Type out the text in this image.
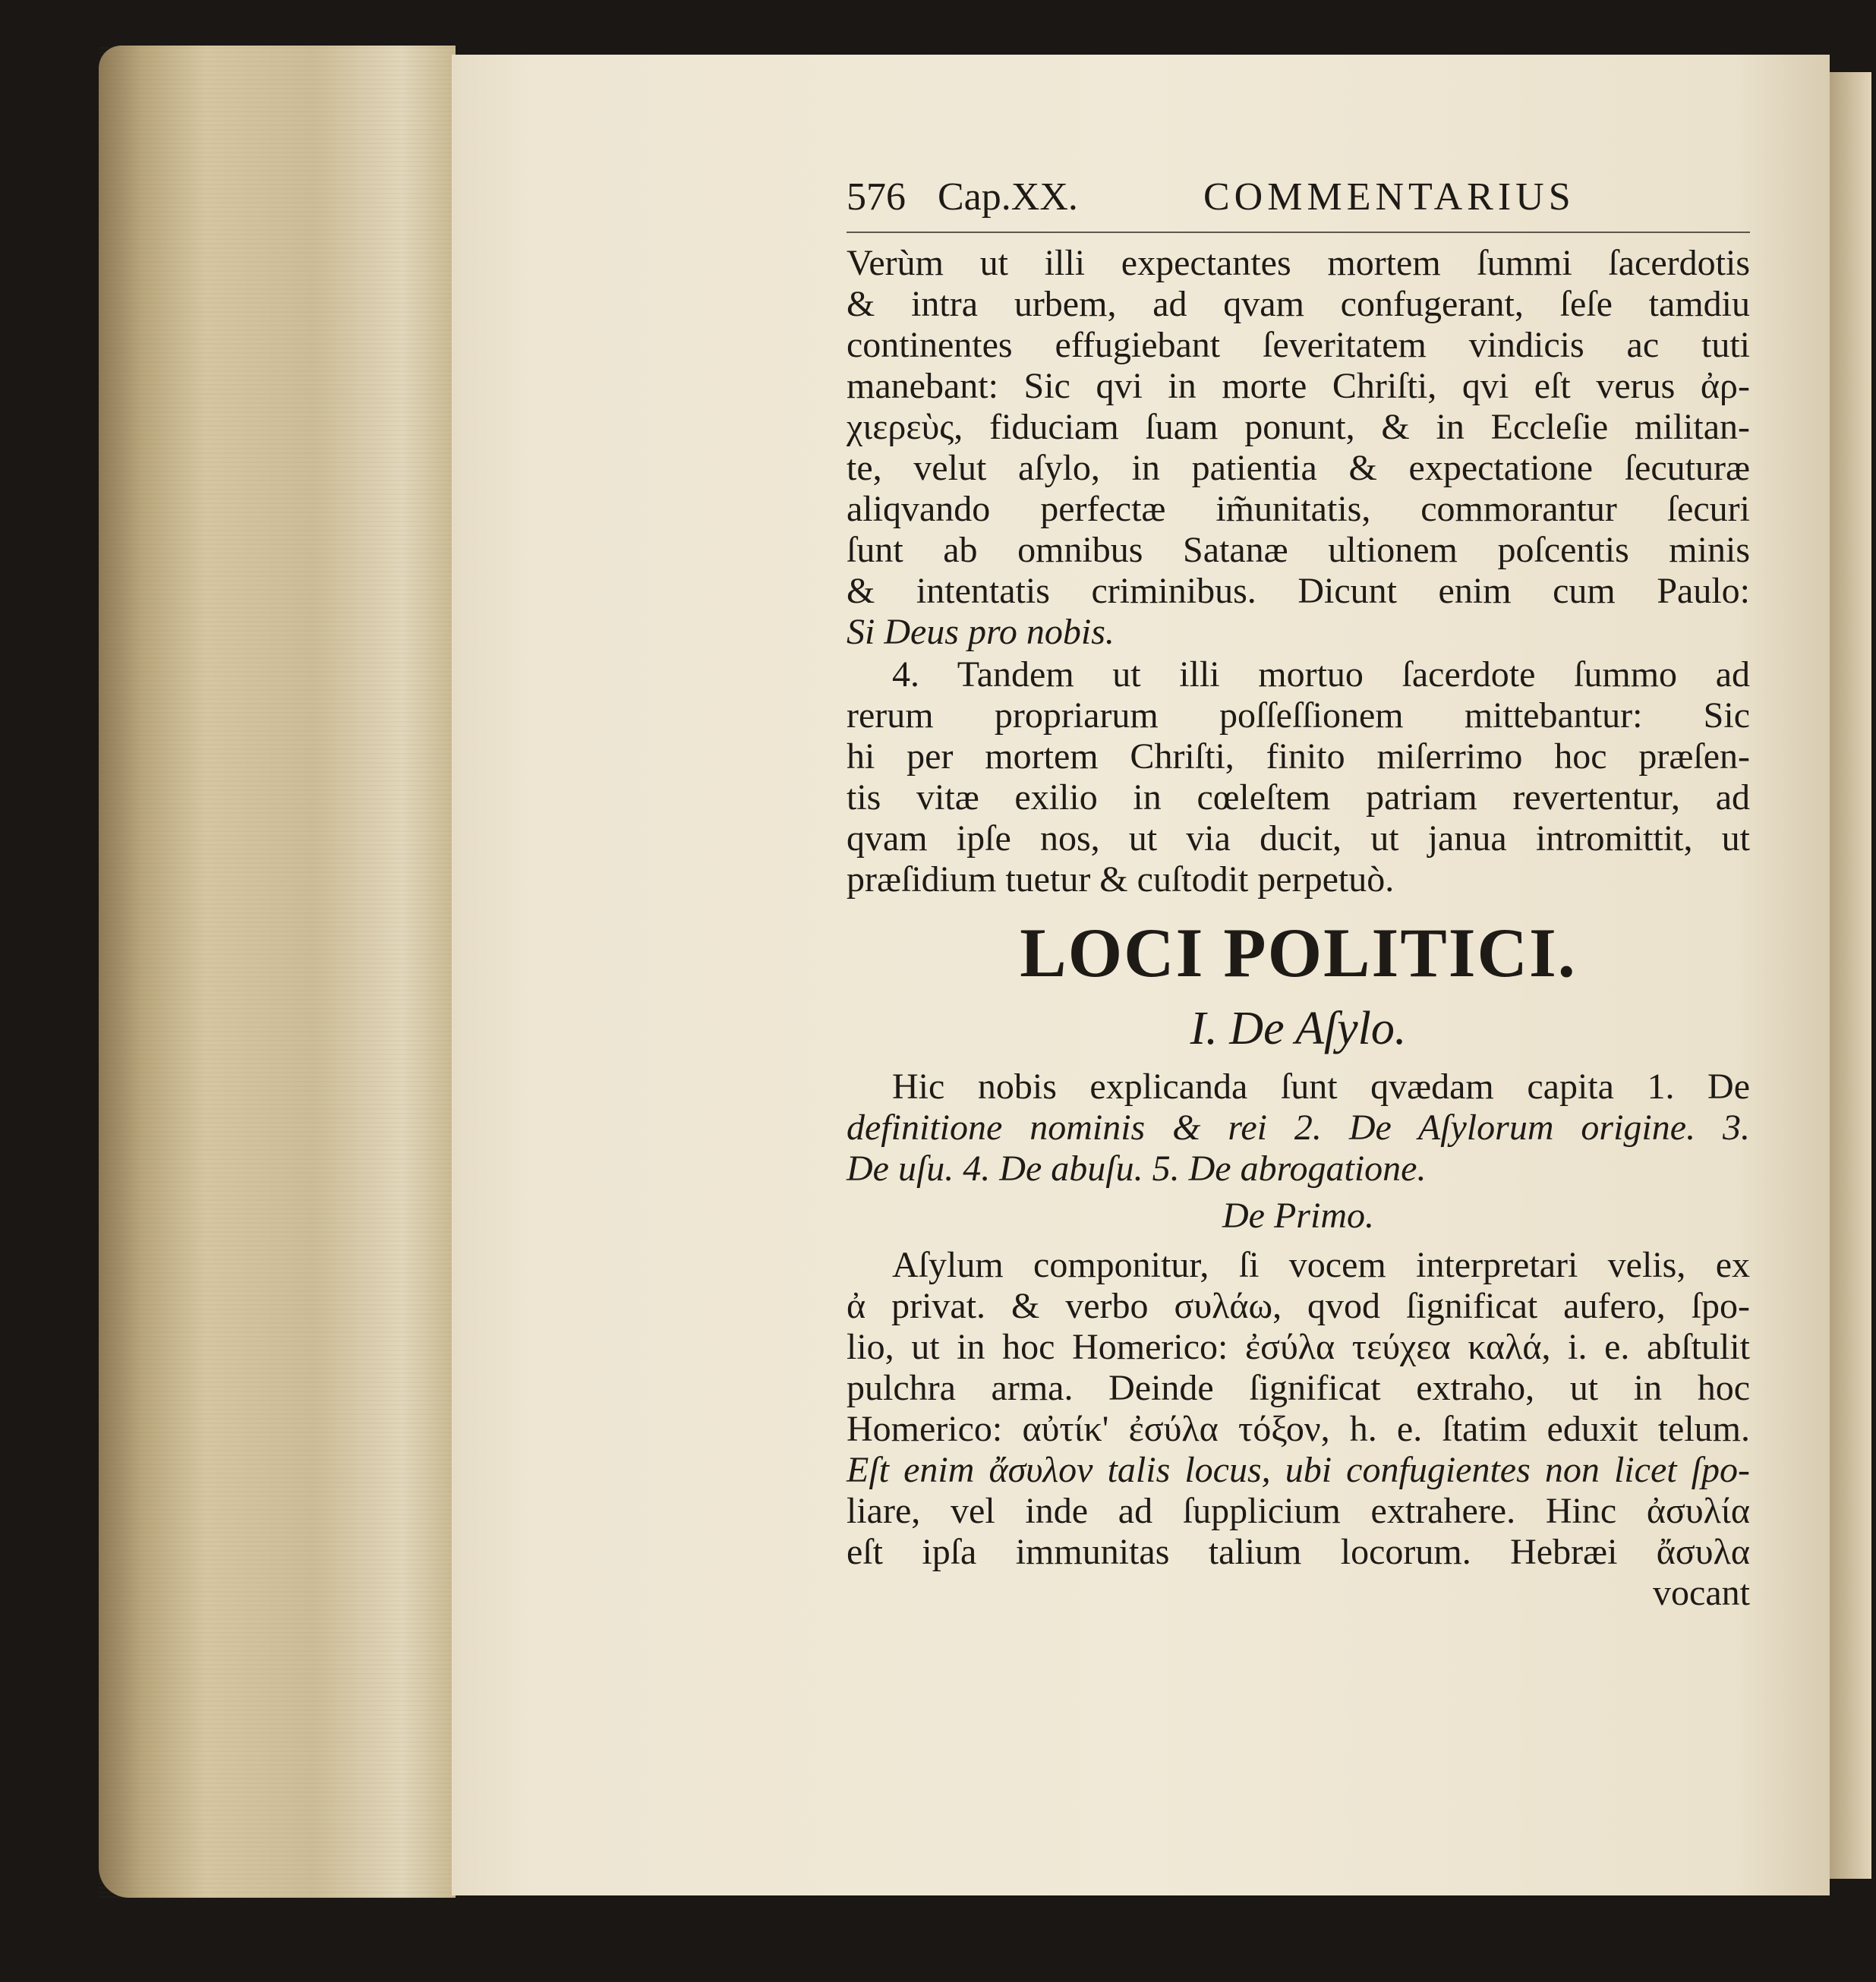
576 Cap.XX.	COMMENTARIUS
Verùm ut illi expectantes mortem ſummi ſacerdotis
& intra urbem, ad qvam confugerant, ſeſe tamdiu
continentes effugiebant ſeveritatem vindicis ac tuti
manebant: Sic qvi in morte Chriſti, qvi eſt verus ἀρ-
χιερεὺς, fiduciam ſuam ponunt, & in Eccleſie militan-
te, velut aſylo, in patientia & expectatione ſecuturæ
aliqvando perfectæ im̃unitatis, commorantur ſecuri
ſunt ab omnibus Satanæ ultionem poſcentis minis
& intentatis criminibus. Dicunt enim cum Paulo:
Si Deus pro nobis.
4. Tandem ut illi mortuo ſacerdote ſummo ad
rerum propriarum poſſeſſionem mittebantur: Sic
hi per mortem Chriſti, finito miſerrimo hoc præſen-
tis vitæ exilio in cœleſtem patriam revertentur, ad
qvam ipſe nos, ut via ducit, ut janua intromittit, ut
præſidium tuetur & cuſtodit perpetuò.
LOCI POLITICI.
I. De Aſylo.
Hic nobis explicanda ſunt qvædam capita 1. De
definitione nominis & rei 2. De Aſylorum origine. 3.
De uſu. 4. De abuſu. 5. De abrogatione.
De Primo.
Aſylum componitur, ſi vocem interpretari velis, ex
ἀ privat. & verbo συλάω, qvod ſignificat aufero, ſpo-
lio, ut in hoc Homerico: ἐσύλα τεύχεα καλά, i. e. abſtulit
pulchra arma. Deinde ſignificat extraho, ut in hoc
Homerico: αὐτίκ' ἐσύλα τόξον, h. e. ſtatim eduxit telum.
Eſt enim ἄσυλον talis locus, ubi confugientes non licet ſpo-
liare, vel inde ad ſupplicium extrahere. Hinc ἀσυλία
eſt ipſa immunitas talium locorum. Hebræi ἄσυλα
vocant
